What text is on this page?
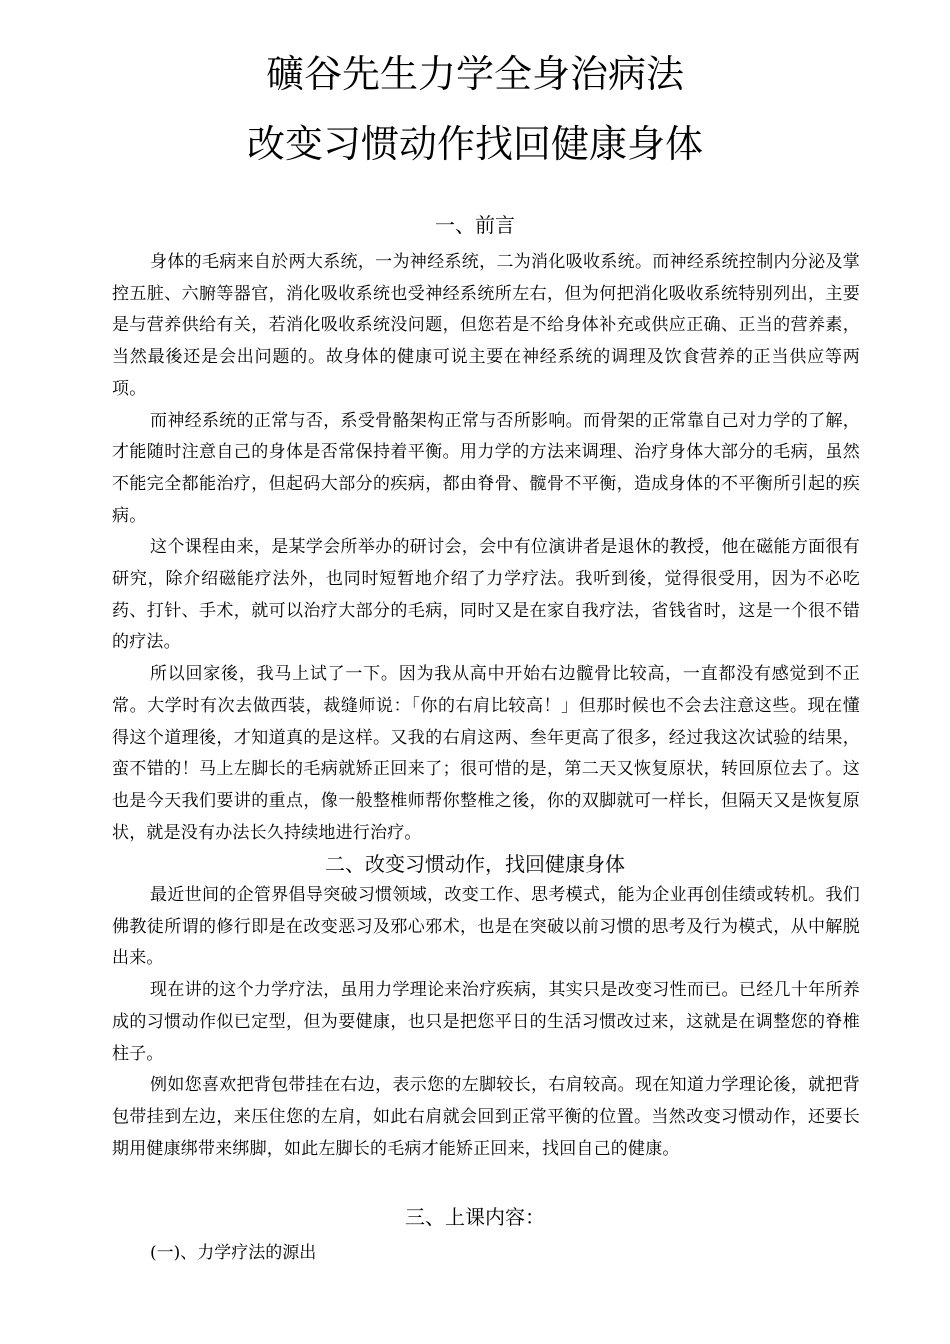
礦谷先生力学全身治病法
改变习惯动作找回健康身体
一、前言

身体的毛病来自於两大系统，一为神经系统，二为消化吸收系统。而神经系统控制内分泌及掌控五脏、六腑等器官，消化吸收系统也受神经系统所左右，但为何把消化吸收系统特别列出，主要是与营养供给有关，若消化吸收系统没问题，但您若是不给身体补充或供应正确、正当的营养素，当然最後还是会出问题的。故身体的健康可说主要在神经系统的调理及饮食营养的正当供应等两项。

而神经系统的正常与否，系受骨骼架构正常与否所影响。而骨架的正常靠自己对力学的了解，才能随时注意自己的身体是否常保持着平衡。用力学的方法来调理、治疗身体大部分的毛病，虽然不能完全都能治疗，但起码大部分的疾病，都由脊骨、髋骨不平衡，造成身体的不平衡所引起的疾病。

这个课程由来，是某学会所举办的研讨会，会中有位演讲者是退休的教授，他在磁能方面很有研究，除介绍磁能疗法外，也同时短暂地介绍了力学疗法。我听到後，觉得很受用，因为不必吃药、打针、手术，就可以治疗大部分的毛病，同时又是在家自我疗法，省钱省时，这是一个很不错的疗法。

所以回家後，我马上试了一下。因为我从高中开始右边髋骨比较高，一直都没有感觉到不正常。大学时有次去做西装，裁缝师说：「你的右肩比较高！」但那时候也不会去注意这些。现在懂得这个道理後，才知道真的是这样。又我的右肩这两、叁年更高了很多，经过我这次试验的结果，蛮不错的！马上左脚长的毛病就矫正回来了；很可惜的是，第二天又恢复原状，转回原位去了。这也是今天我们要讲的重点，像一般整椎师帮你整椎之後，你的双脚就可一样长，但隔天又是恢复原状，就是没有办法长久持续地进行治疗。

二、改变习惯动作，找回健康身体

最近世间的企管界倡导突破习惯领域，改变工作、思考模式，能为企业再创佳绩或转机。我们佛教徒所谓的修行即是在改变恶习及邪心邪术，也是在突破以前习惯的思考及行为模式，从中解脱出来。

现在讲的这个力学疗法，虽用力学理论来治疗疾病，其实只是改变习性而已。已经几十年所养成的习惯动作似已定型，但为要健康，也只是把您平日的生活习惯改过来，这就是在调整您的脊椎柱子。

例如您喜欢把背包带挂在右边，表示您的左脚较长，右肩较高。现在知道力学理论後，就把背包带挂到左边，来压住您的左肩，如此右肩就会回到正常平衡的位置。当然改变习惯动作，还要长期用健康绑带来绑脚，如此左脚长的毛病才能矫正回来，找回自己的健康。

三、上课内容：

(一)、力学疗法的源出
